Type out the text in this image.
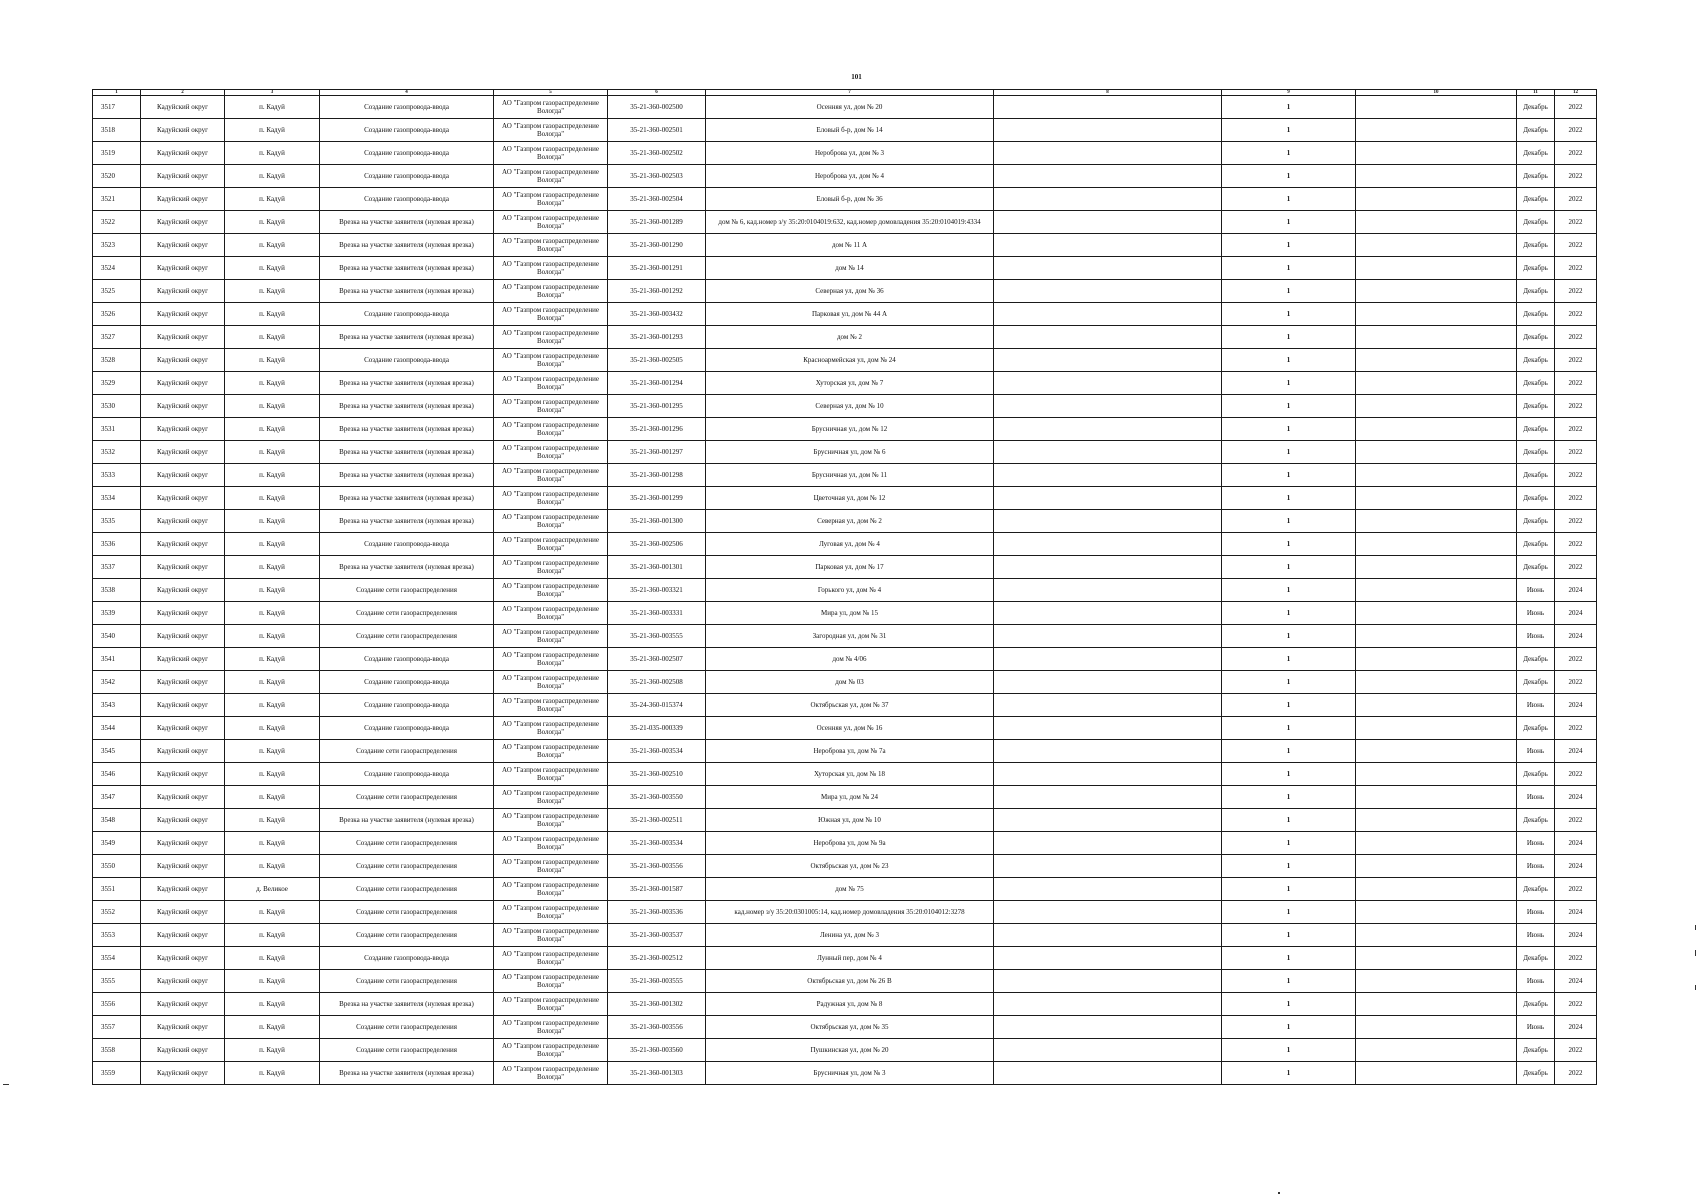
101
1	2	3	4	5	6	7	8	9	10	11	12
3517	Кадуйский округ	п. Кадуй	Создание газопровода-ввода	АО "Газпром газораспределение Вологда"	35-21-360-002500	Осенняя ул, дом № 20		1		Декабрь	2022
3518	Кадуйский округ	п. Кадуй	Создание газопровода-ввода	АО "Газпром газораспределение Вологда"	35-21-360-002501	Еловый б-р, дом № 14		1		Декабрь	2022
3519	Кадуйский округ	п. Кадуй	Создание газопровода-ввода	АО "Газпром газораспределение Вологда"	35-21-360-002502	Нероброва ул, дом № 3		1		Декабрь	2022
3520	Кадуйский округ	п. Кадуй	Создание газопровода-ввода	АО "Газпром газораспределение Вологда"	35-21-360-002503	Нероброва ул, дом № 4		1		Декабрь	2022
3521	Кадуйский округ	п. Кадуй	Создание газопровода-ввода	АО "Газпром газораспределение Вологда"	35-21-360-002504	Еловый б-р, дом № 36		1		Декабрь	2022
3522	Кадуйский округ	п. Кадуй	Врезка на участке заявителя (нулевая врезка)	АО "Газпром газораспределение Вологда"	35-21-360-001289	дом № 6, кад.номер з/у 35:20:0104019:632, кад.номер домовладения 35:20:0104019:4334		1		Декабрь	2022
3523	Кадуйский округ	п. Кадуй	Врезка на участке заявителя (нулевая врезка)	АО "Газпром газораспределение Вологда"	35-21-360-001290	дом № 11 А		1		Декабрь	2022
3524	Кадуйский округ	п. Кадуй	Врезка на участке заявителя (нулевая врезка)	АО "Газпром газораспределение Вологда"	35-21-360-001291	дом № 14		1		Декабрь	2022
3525	Кадуйский округ	п. Кадуй	Врезка на участке заявителя (нулевая врезка)	АО "Газпром газораспределение Вологда"	35-21-360-001292	Северная ул, дом № 36		1		Декабрь	2022
3526	Кадуйский округ	п. Кадуй	Создание газопровода-ввода	АО "Газпром газораспределение Вологда"	35-21-360-003432	Парковая ул, дом № 44 А		1		Декабрь	2022
3527	Кадуйский округ	п. Кадуй	Врезка на участке заявителя (нулевая врезка)	АО "Газпром газораспределение Вологда"	35-21-360-001293	дом № 2		1		Декабрь	2022
3528	Кадуйский округ	п. Кадуй	Создание газопровода-ввода	АО "Газпром газораспределение Вологда"	35-21-360-002505	Красноармейская ул, дом № 24		1		Декабрь	2022
3529	Кадуйский округ	п. Кадуй	Врезка на участке заявителя (нулевая врезка)	АО "Газпром газораспределение Вологда"	35-21-360-001294	Хуторская ул, дом № 7		1		Декабрь	2022
3530	Кадуйский округ	п. Кадуй	Врезка на участке заявителя (нулевая врезка)	АО "Газпром газораспределение Вологда"	35-21-360-001295	Северная ул, дом № 10		1		Декабрь	2022
3531	Кадуйский округ	п. Кадуй	Врезка на участке заявителя (нулевая врезка)	АО "Газпром газораспределение Вологда"	35-21-360-001296	Брусничная ул, дом № 12		1		Декабрь	2022
3532	Кадуйский округ	п. Кадуй	Врезка на участке заявителя (нулевая врезка)	АО "Газпром газораспределение Вологда"	35-21-360-001297	Брусничная ул, дом № 6		1		Декабрь	2022
3533	Кадуйский округ	п. Кадуй	Врезка на участке заявителя (нулевая врезка)	АО "Газпром газораспределение Вологда"	35-21-360-001298	Брусничная ул, дом № 11		1		Декабрь	2022
3534	Кадуйский округ	п. Кадуй	Врезка на участке заявителя (нулевая врезка)	АО "Газпром газораспределение Вологда"	35-21-360-001299	Цветочная ул, дом № 12		1		Декабрь	2022
3535	Кадуйский округ	п. Кадуй	Врезка на участке заявителя (нулевая врезка)	АО "Газпром газораспределение Вологда"	35-21-360-001300	Северная ул, дом № 2		1		Декабрь	2022
3536	Кадуйский округ	п. Кадуй	Создание газопровода-ввода	АО "Газпром газораспределение Вологда"	35-21-360-002506	Луговая ул, дом № 4		1		Декабрь	2022
3537	Кадуйский округ	п. Кадуй	Врезка на участке заявителя (нулевая врезка)	АО "Газпром газораспределение Вологда"	35-21-360-001301	Парковая ул, дом № 17		1		Декабрь	2022
3538	Кадуйский округ	п. Кадуй	Создание сети газораспределения	АО "Газпром газораспределение Вологда"	35-21-360-003321	Горького ул, дом № 4		1		Июнь	2024
3539	Кадуйский округ	п. Кадуй	Создание сети газораспределения	АО "Газпром газораспределение Вологда"	35-21-360-003331	Мира ул, дом № 15		1		Июнь	2024
3540	Кадуйский округ	п. Кадуй	Создание сети газораспределения	АО "Газпром газораспределение Вологда"	35-21-360-003555	Загородная ул, дом № 31		1		Июнь	2024
3541	Кадуйский округ	п. Кадуй	Создание газопровода-ввода	АО "Газпром газораспределение Вологда"	35-21-360-002507	дом № 4/06		1		Декабрь	2022
3542	Кадуйский округ	п. Кадуй	Создание газопровода-ввода	АО "Газпром газораспределение Вологда"	35-21-360-002508	дом № 03		1		Декабрь	2022
3543	Кадуйский округ	п. Кадуй	Создание газопровода-ввода	АО "Газпром газораспределение Вологда"	35-24-360-015374	Октябрьская ул, дом № 37		1		Июнь	2024
3544	Кадуйский округ	п. Кадуй	Создание газопровода-ввода	АО "Газпром газораспределение Вологда"	35-21-035-000339	Осенняя ул, дом № 16		1		Декабрь	2022
3545	Кадуйский округ	п. Кадуй	Создание сети газораспределения	АО "Газпром газораспределение Вологда"	35-21-360-003534	Нероброва ул, дом № 7а		1		Июнь	2024
3546	Кадуйский округ	п. Кадуй	Создание газопровода-ввода	АО "Газпром газораспределение Вологда"	35-21-360-002510	Хуторская ул, дом № 18		1		Декабрь	2022
3547	Кадуйский округ	п. Кадуй	Создание сети газораспределения	АО "Газпром газораспределение Вологда"	35-21-360-003550	Мира ул, дом № 24		1		Июнь	2024
3548	Кадуйский округ	п. Кадуй	Врезка на участке заявителя (нулевая врезка)	АО "Газпром газораспределение Вологда"	35-21-360-002511	Южная ул, дом № 10		1		Декабрь	2022
3549	Кадуйский округ	п. Кадуй	Создание сети газораспределения	АО "Газпром газораспределение Вологда"	35-21-360-003534	Нероброва ул, дом № 9а		1		Июнь	2024
3550	Кадуйский округ	п. Кадуй	Создание сети газораспределения	АО "Газпром газораспределение Вологда"	35-21-360-003556	Октябрьская ул, дом № 23		1		Июнь	2024
3551	Кадуйский округ	д. Великое	Создание сети газораспределения	АО "Газпром газораспределение Вологда"	35-21-360-001587	дом № 75		1		Декабрь	2022
3552	Кадуйский округ	п. Кадуй	Создание сети газораспределения	АО "Газпром газораспределение Вологда"	35-21-360-003536	кад.номер з/у 35:20:0301005:14, кад.номер домовладения 35:20:0104012:3278		1		Июнь	2024
3553	Кадуйский округ	п. Кадуй	Создание сети газораспределения	АО "Газпром газораспределение Вологда"	35-21-360-003537	Ленина ул, дом № 3		1		Июнь	2024
3554	Кадуйский округ	п. Кадуй	Создание газопровода-ввода	АО "Газпром газораспределение Вологда"	35-21-360-002512	Лунный пер, дом № 4		1		Декабрь	2022
3555	Кадуйский округ	п. Кадуй	Создание сети газораспределения	АО "Газпром газораспределение Вологда"	35-21-360-003555	Октябрьская ул, дом № 26 В		1		Июнь	2024
3556	Кадуйский округ	п. Кадуй	Врезка на участке заявителя (нулевая врезка)	АО "Газпром газораспределение Вологда"	35-21-360-001302	Радужная ул, дом № 8		1		Декабрь	2022
3557	Кадуйский округ	п. Кадуй	Создание сети газораспределения	АО "Газпром газораспределение Вологда"	35-21-360-003556	Октябрьская ул, дом № 35		1		Июнь	2024
3558	Кадуйский округ	п. Кадуй	Создание сети газораспределения	АО "Газпром газораспределение Вологда"	35-21-360-003560	Пушкинская ул, дом № 20		1		Декабрь	2022
3559	Кадуйский округ	п. Кадуй	Врезка на участке заявителя (нулевая врезка)	АО "Газпром газораспределение Вологда"	35-21-360-001303	Брусничная ул, дом № 3		1		Декабрь	2022
